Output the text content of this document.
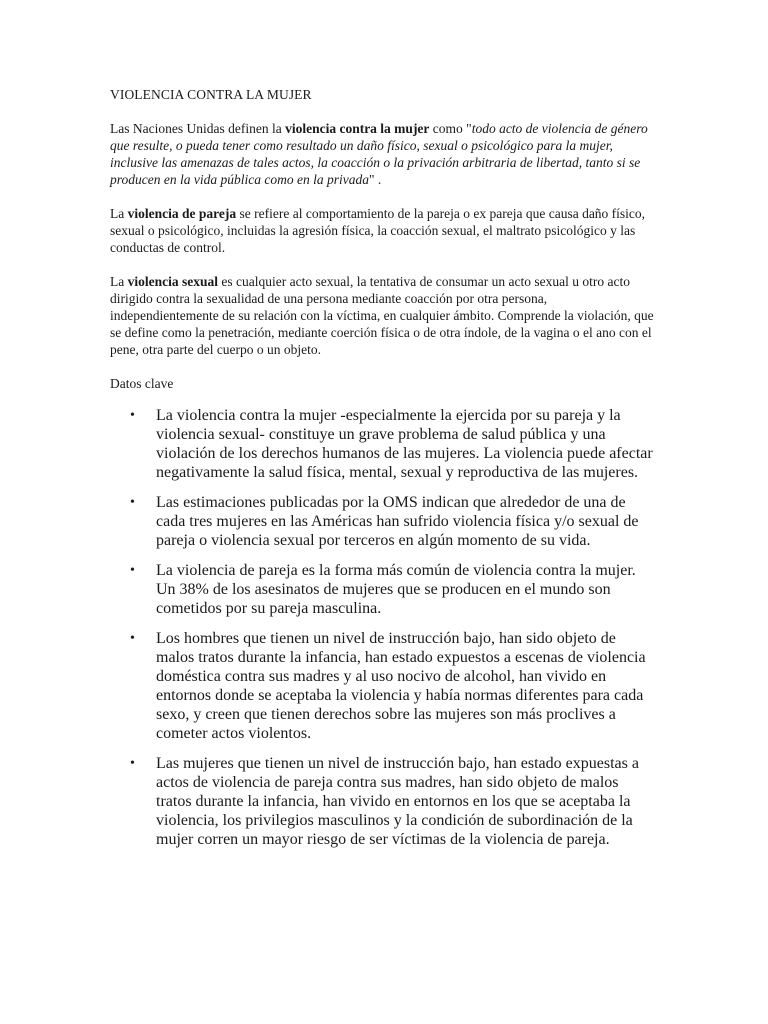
VIOLENCIA CONTRA LA MUJER

Las Naciones Unidas definen la violencia contra la mujer como "todo acto de violencia de género que resulte, o pueda tener como resultado un daño físico, sexual o psicológico para la mujer, inclusive las amenazas de tales actos, la coacción o la privación arbitraria de libertad, tanto si se producen en la vida pública como en la privada" .

La violencia de pareja se refiere al comportamiento de la pareja o ex pareja que causa daño físico, sexual o psicológico, incluidas la agresión física, la coacción sexual, el maltrato psicológico y las conductas de control.

La violencia sexual es cualquier acto sexual, la tentativa de consumar un acto sexual u otro acto dirigido contra la sexualidad de una persona mediante coacción por otra persona, independientemente de su relación con la víctima, en cualquier ámbito. Comprende la violación, que se define como la penetración, mediante coerción física o de otra índole, de la vagina o el ano con el pene, otra parte del cuerpo o un objeto.

Datos clave
• La violencia contra la mujer -especialmente la ejercida por su pareja y la violencia sexual- constituye un grave problema de salud pública y una violación de los derechos humanos de las mujeres. La violencia puede afectar negativamente la salud física, mental, sexual y reproductiva de las mujeres.
• Las estimaciones publicadas por la OMS indican que alrededor de una de cada tres mujeres en las Américas han sufrido violencia física y/o sexual de pareja o violencia sexual por terceros en algún momento de su vida.
• La violencia de pareja es la forma más común de violencia contra la mujer. Un 38% de los asesinatos de mujeres que se producen en el mundo son cometidos por su pareja masculina.
• Los hombres que tienen un nivel de instrucción bajo, han sido objeto de malos tratos durante la infancia, han estado expuestos a escenas de violencia doméstica contra sus madres y al uso nocivo de alcohol, han vivido en entornos donde se aceptaba la violencia y había normas diferentes para cada sexo, y creen que tienen derechos sobre las mujeres son más proclives a cometer actos violentos.
• Las mujeres que tienen un nivel de instrucción bajo, han estado expuestas a actos de violencia de pareja contra sus madres, han sido objeto de malos tratos durante la infancia, han vivido en entornos en los que se aceptaba la violencia, los privilegios masculinos y la condición de subordinación de la mujer corren un mayor riesgo de ser víctimas de la violencia de pareja.
